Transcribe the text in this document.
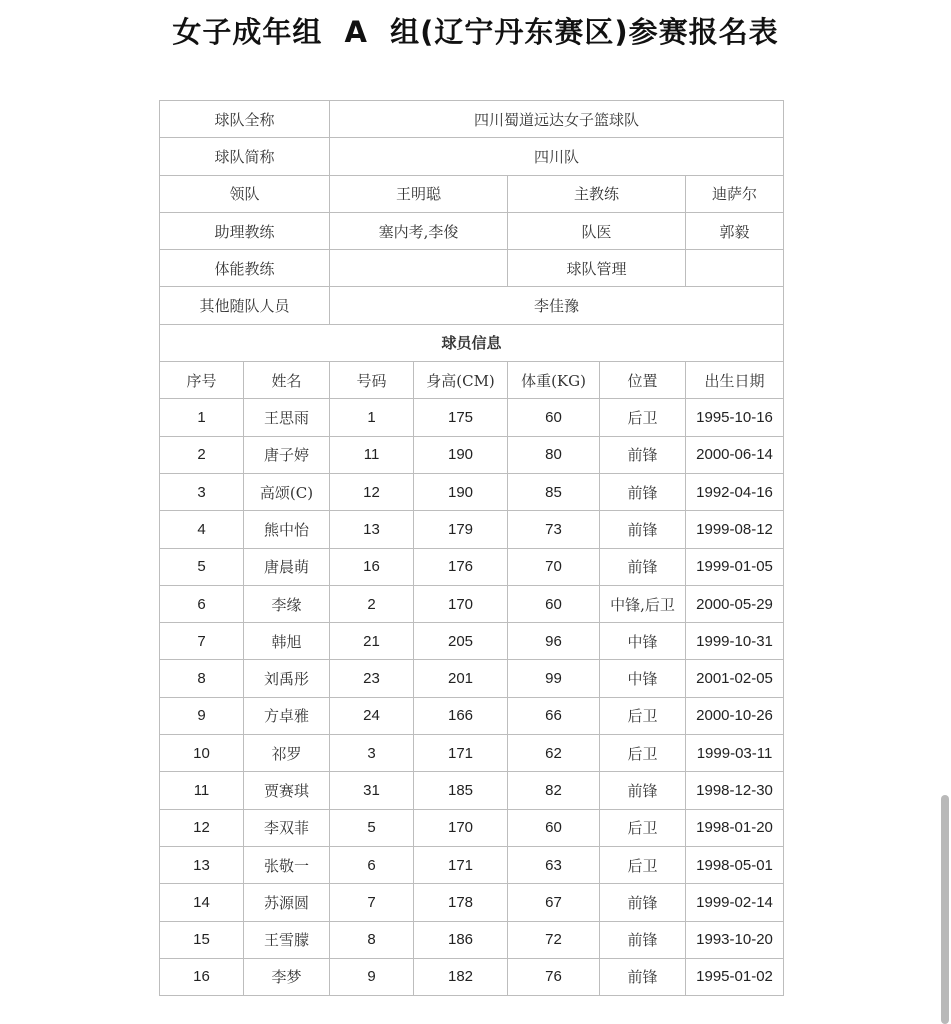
女子成年组  A  组(辽宁丹东赛区)参赛报名表
球队全称		四川蜀道远达女子篮球队				
球队简称		四川队				
领队		王明聪		主教练		迪萨尔
助理教练		塞内考,李俊		队医		郭毅
体能教练				球队管理		
其他随队人员		李佳豫				
球员信息						
序号	姓名	号码	身高(CM)	体重(KG)	位置	出生日期
1	王思雨	1	175	60	后卫	1995-10-16
2	唐子婷	11	190	80	前锋	2000-06-14
3	高颂(C)	12	190	85	前锋	1992-04-16
4	熊中怡	13	179	73	前锋	1999-08-12
5	唐晨萌	16	176	70	前锋	1999-01-05
6	李缘	2	170	60	中锋,后卫	2000-05-29
7	韩旭	21	205	96	中锋	1999-10-31
8	刘禹彤	23	201	99	中锋	2001-02-05
9	方卓雅	24	166	66	后卫	2000-10-26
10	祁罗	3	171	62	后卫	1999-03-11
11	贾赛琪	31	185	82	前锋	1998-12-30
12	李双菲	5	170	60	后卫	1998-01-20
13	张敬一	6	171	63	后卫	1998-05-01
14	苏源圆	7	178	67	前锋	1999-02-14
15	王雪朦	8	186	72	前锋	1993-10-20
16	李梦	9	182	76	前锋	1995-01-02
